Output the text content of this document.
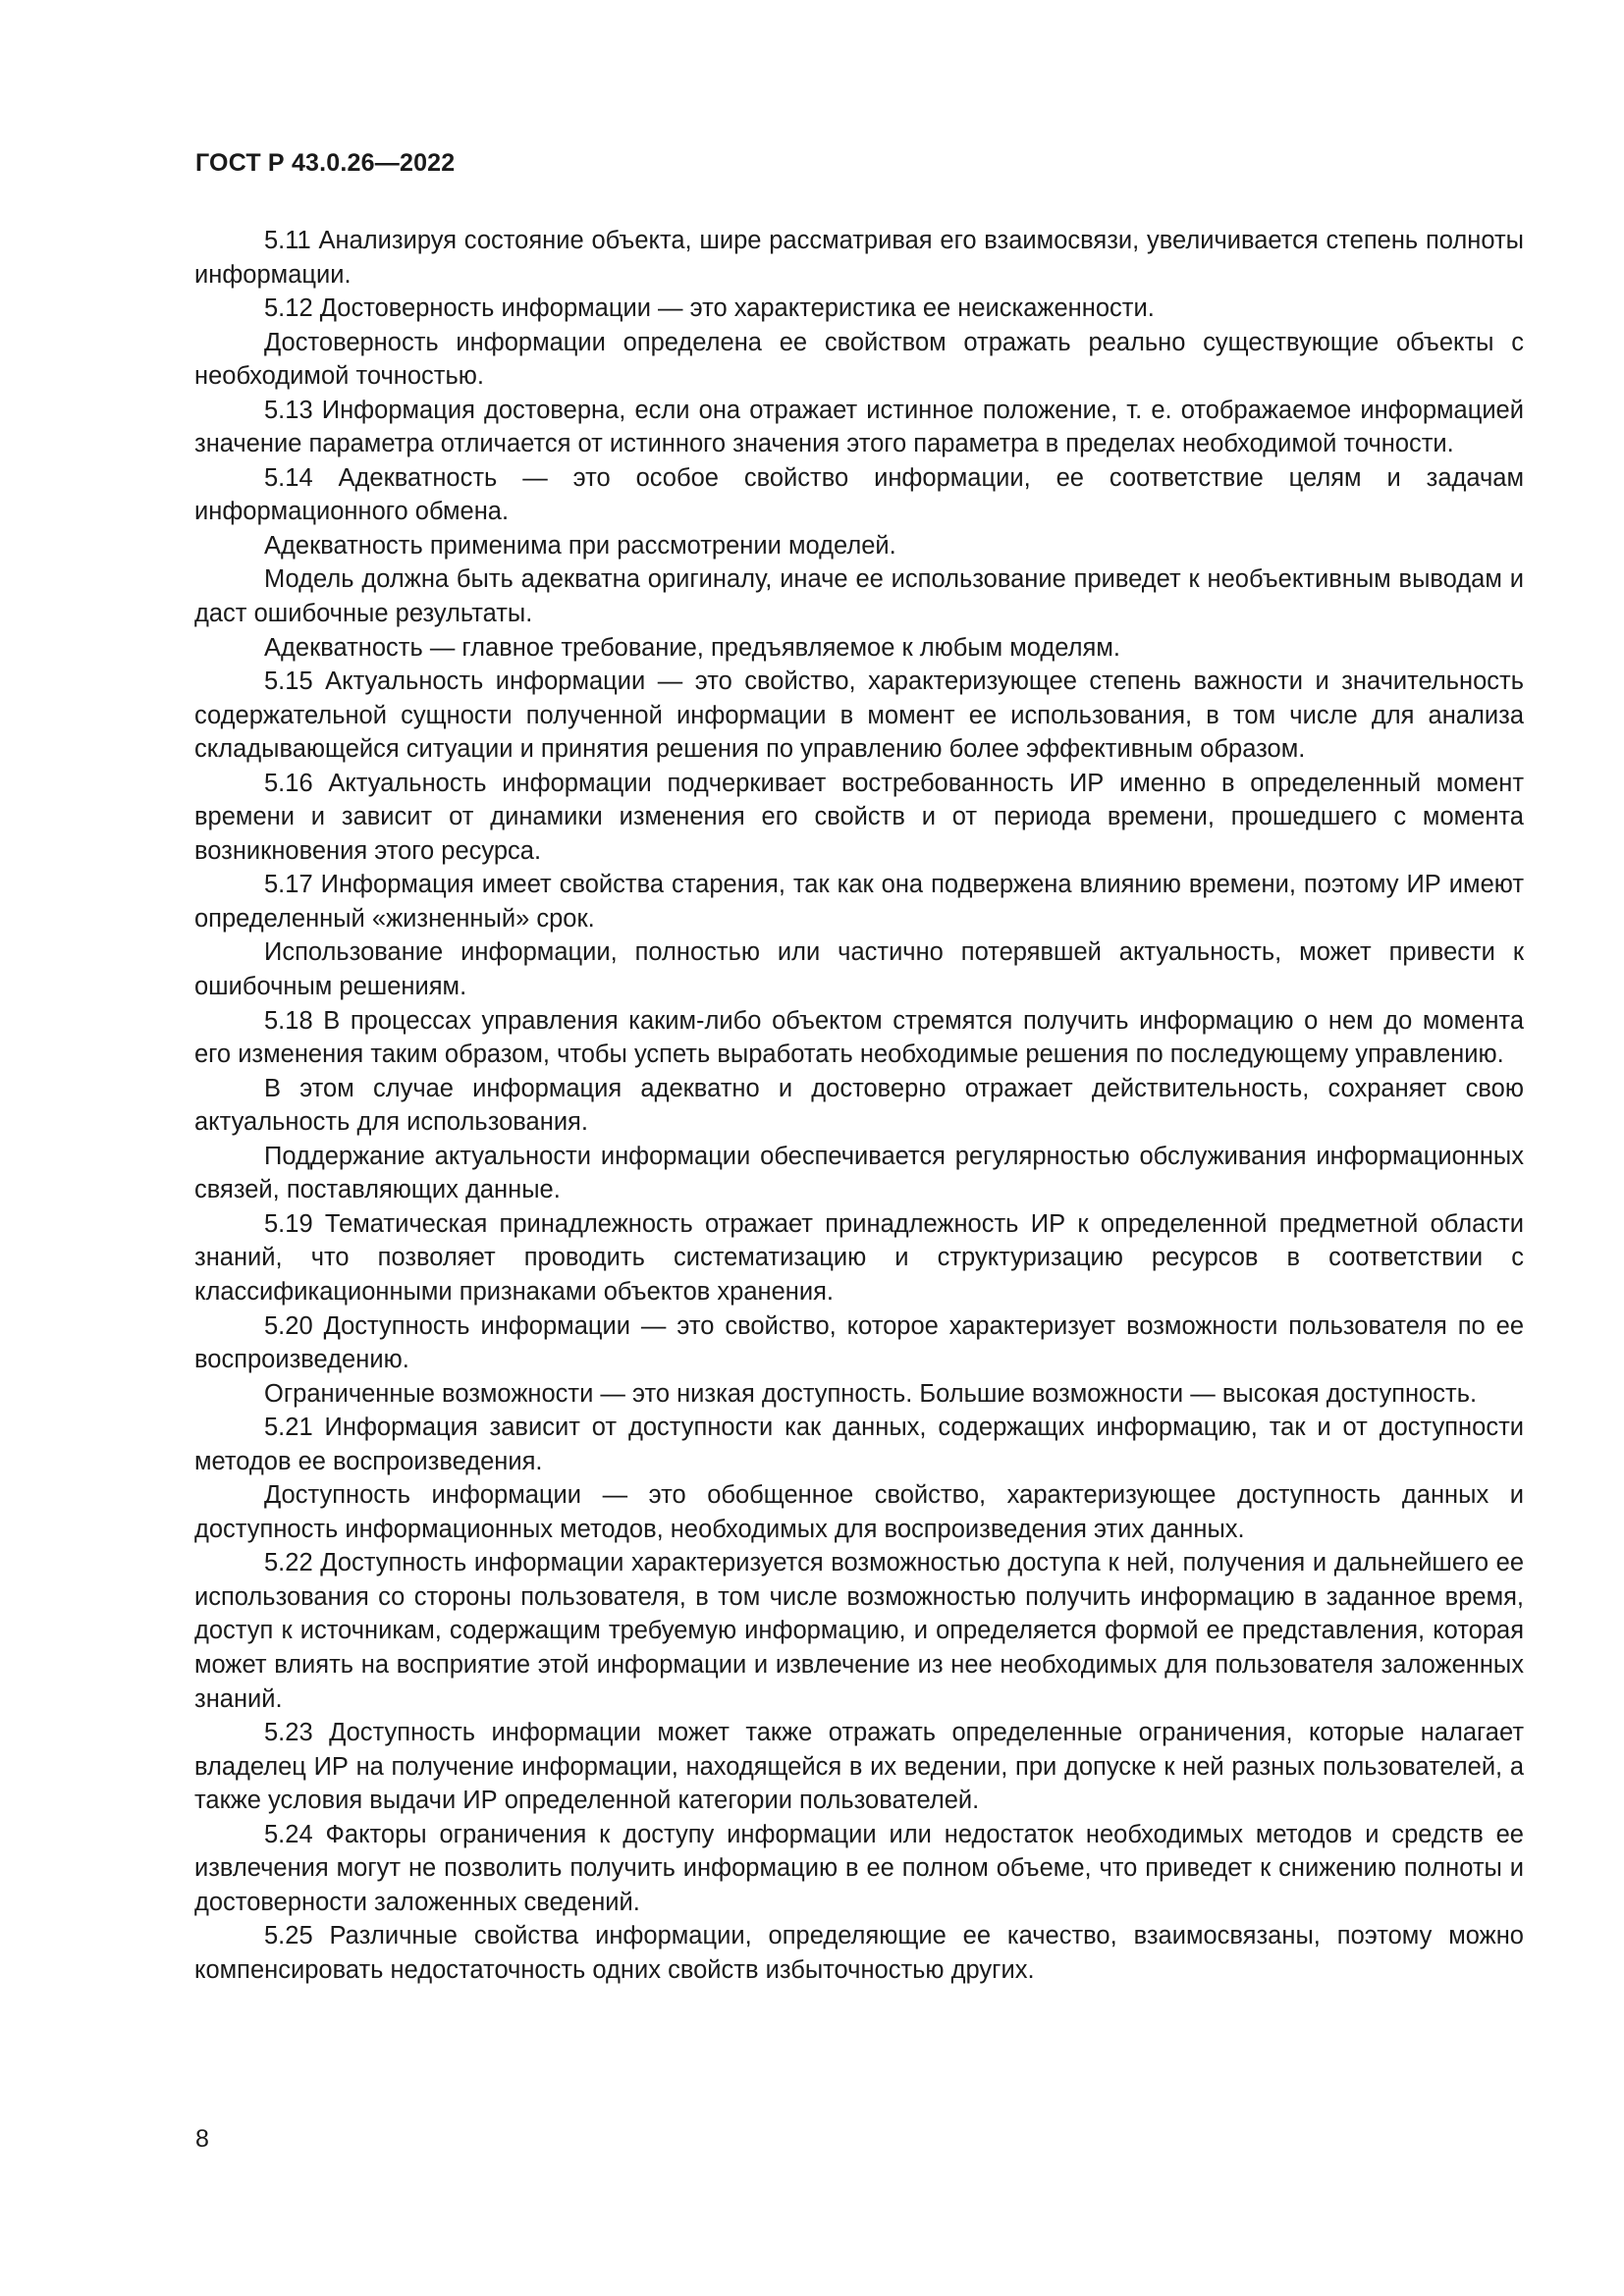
ГОСТ Р 43.0.26—2022

5.11 Анализируя состояние объекта, шире рассматривая его взаимосвязи, увеличивается степень полноты информации.

5.12 Достоверность информации — это характеристика ее неискаженности.

Достоверность информации определена ее свойством отражать реально существующие объекты с необходимой точностью.

5.13 Информация достоверна, если она отражает истинное положение, т. е. отображаемое информацией значение параметра отличается от истинного значения этого параметра в пределах необходимой точности.

5.14 Адекватность — это особое свойство информации, ее соответствие целям и задачам информационного обмена.

Адекватность применима при рассмотрении моделей.

Модель должна быть адекватна оригиналу, иначе ее использование приведет к необъективным выводам и даст ошибочные результаты.

Адекватность — главное требование, предъявляемое к любым моделям.

5.15 Актуальность информации — это свойство, характеризующее степень важности и значительность содержательной сущности полученной информации в момент ее использования, в том числе для анализа складывающейся ситуации и принятия решения по управлению более эффективным образом.

5.16 Актуальность информации подчеркивает востребованность ИР именно в определенный момент времени и зависит от динамики изменения его свойств и от периода времени, прошедшего с момента возникновения этого ресурса.

5.17 Информация имеет свойства старения, так как она подвержена влиянию времени, поэтому ИР имеют определенный «жизненный» срок.

Использование информации, полностью или частично потерявшей актуальность, может привести к ошибочным решениям.

5.18 В процессах управления каким-либо объектом стремятся получить информацию о нем до момента его изменения таким образом, чтобы успеть выработать необходимые решения по последующему управлению.

В этом случае информация адекватно и достоверно отражает действительность, сохраняет свою актуальность для использования.

Поддержание актуальности информации обеспечивается регулярностью обслуживания информационных связей, поставляющих данные.

5.19 Тематическая принадлежность отражает принадлежность ИР к определенной предметной области знаний, что позволяет проводить систематизацию и структуризацию ресурсов в соответствии с классификационными признаками объектов хранения.

5.20 Доступность информации — это свойство, которое характеризует возможности пользователя по ее воспроизведению.

Ограниченные возможности — это низкая доступность. Большие возможности — высокая доступность.

5.21 Информация зависит от доступности как данных, содержащих информацию, так и от доступности методов ее воспроизведения.

Доступность информации — это обобщенное свойство, характеризующее доступность данных и доступность информационных методов, необходимых для воспроизведения этих данных.

5.22 Доступность информации характеризуется возможностью доступа к ней, получения и дальнейшего ее использования со стороны пользователя, в том числе возможностью получить информацию в заданное время, доступ к источникам, содержащим требуемую информацию, и определяется формой ее представления, которая может влиять на восприятие этой информации и извлечение из нее необходимых для пользователя заложенных знаний.

5.23 Доступность информации может также отражать определенные ограничения, которые налагает владелец ИР на получение информации, находящейся в их ведении, при допуске к ней разных пользователей, а также условия выдачи ИР определенной категории пользователей.

5.24 Факторы ограничения к доступу информации или недостаток необходимых методов и средств ее извлечения могут не позволить получить информацию в ее полном объеме, что приведет к снижению полноты и достоверности заложенных сведений.

5.25 Различные свойства информации, определяющие ее качество, взаимосвязаны, поэтому можно компенсировать недостаточность одних свойств избыточностью других.

8
